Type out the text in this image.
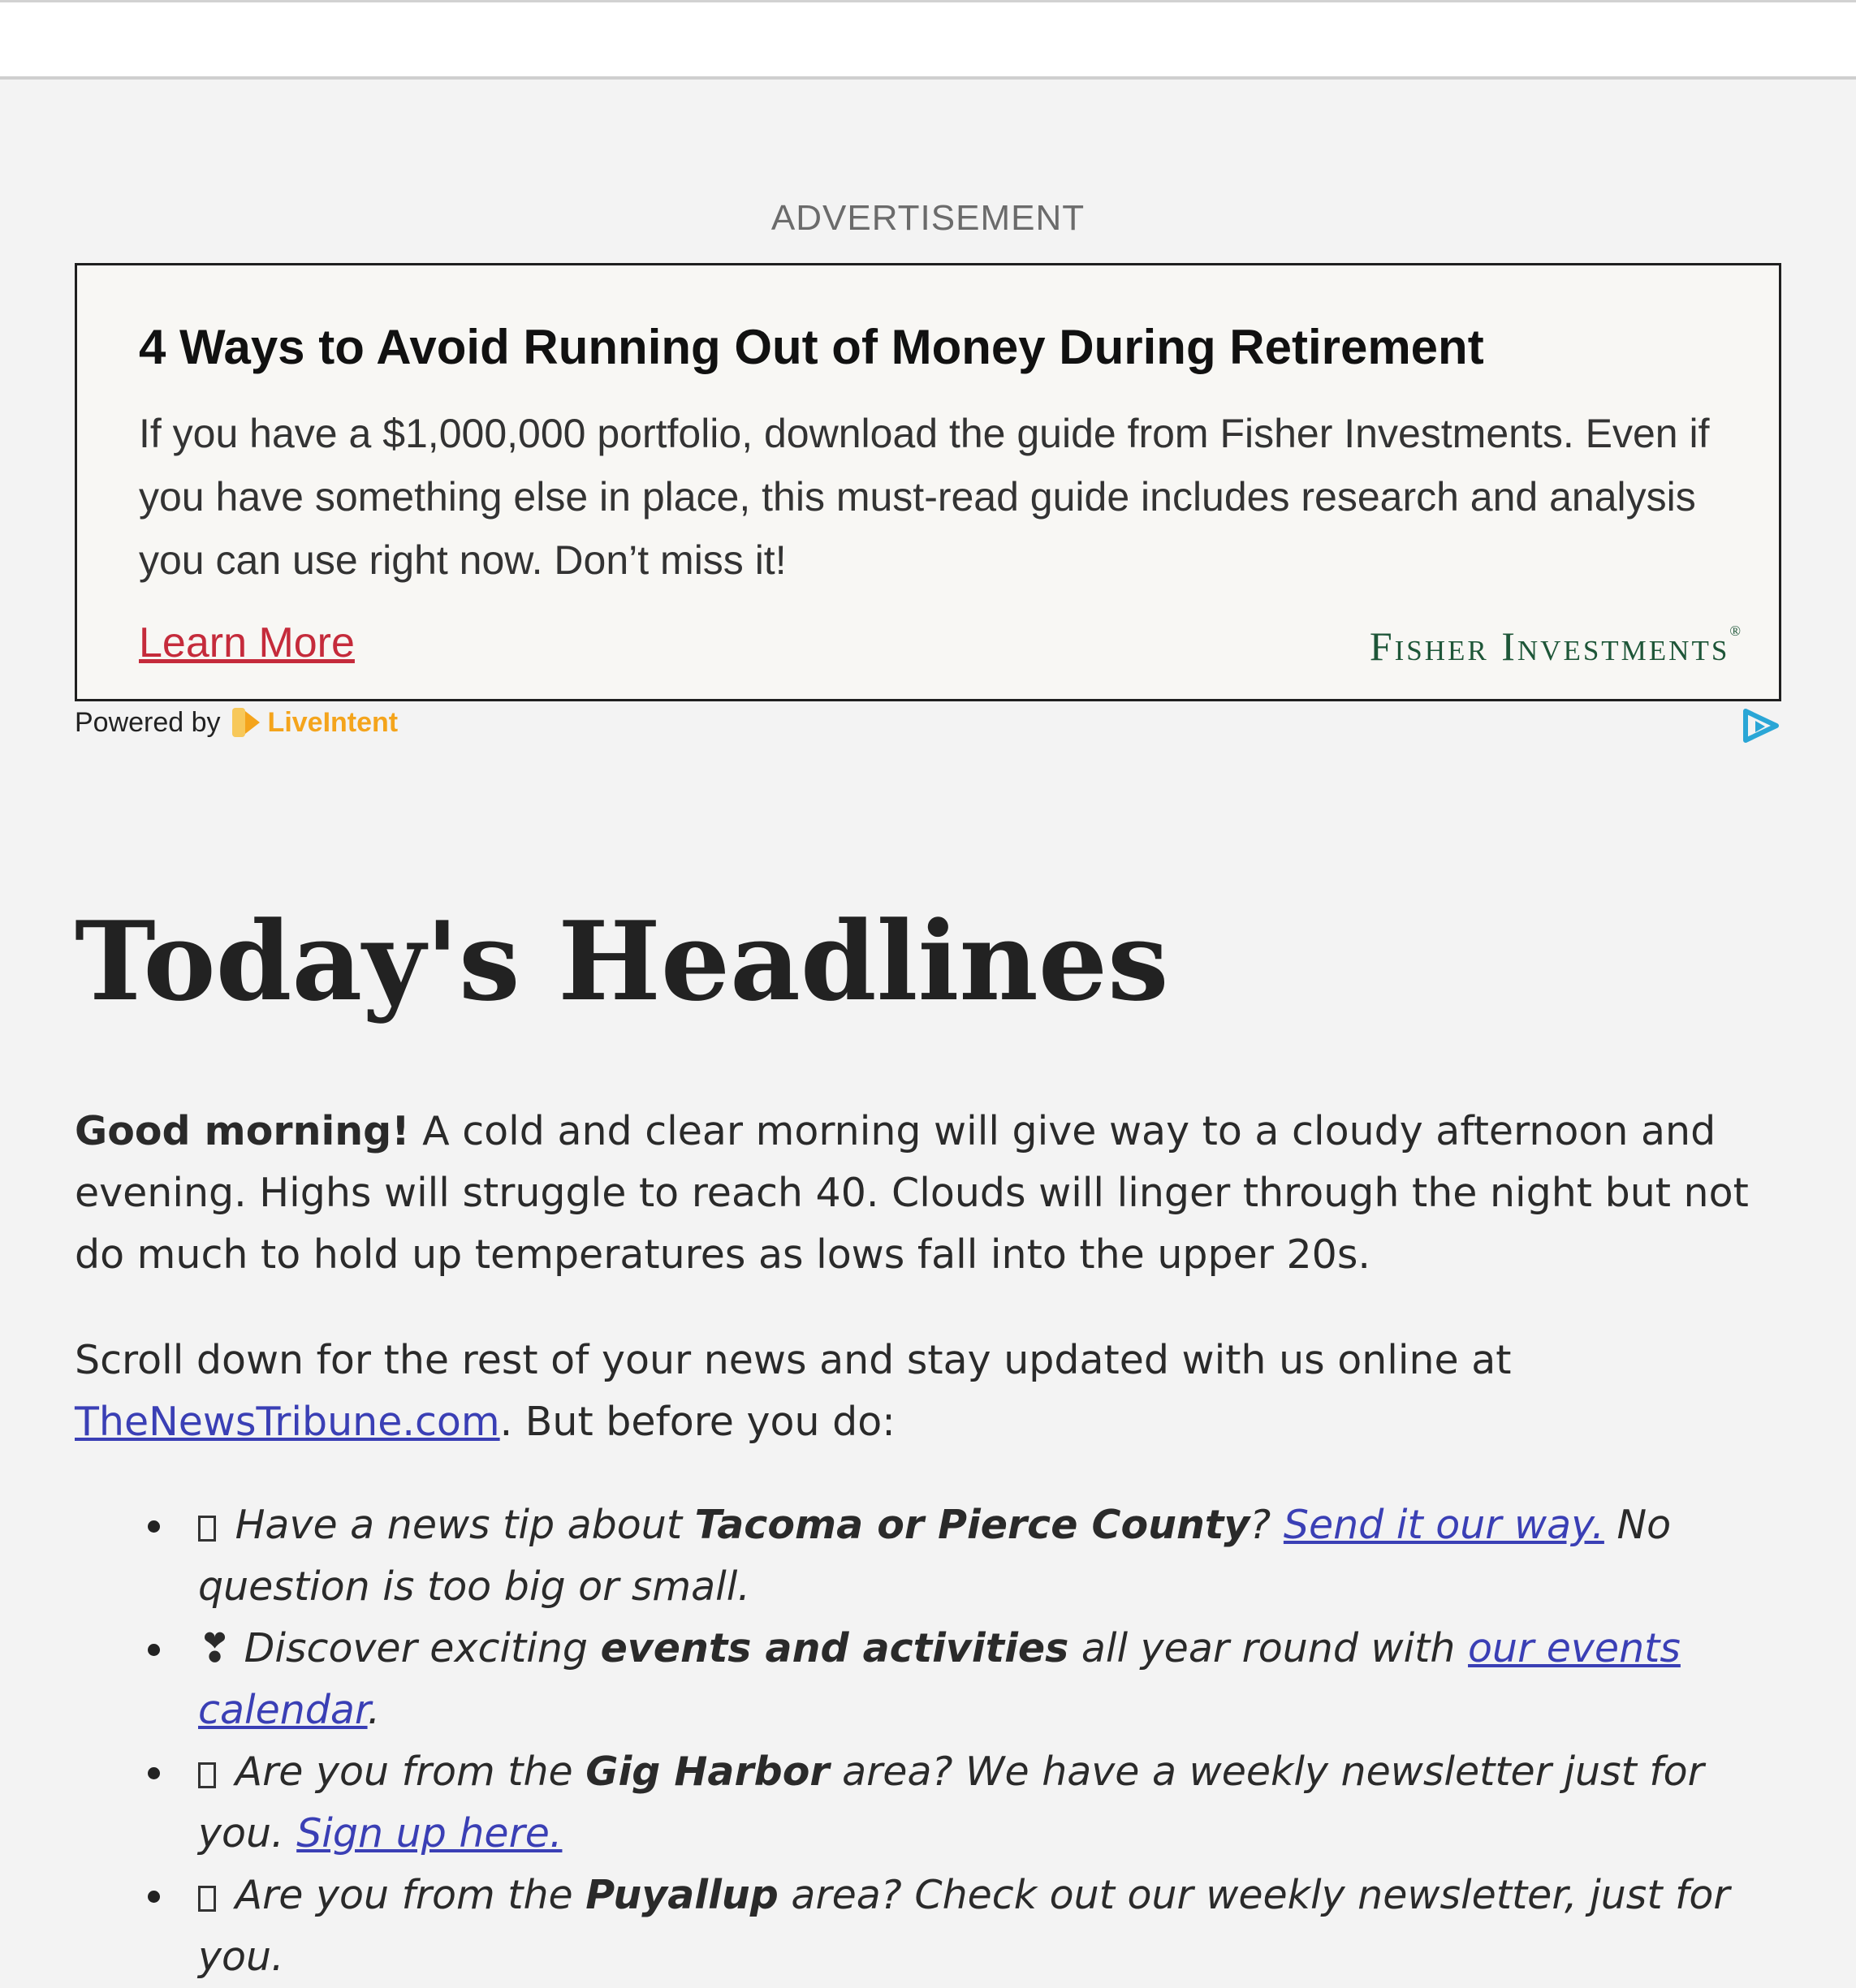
ADVERTISEMENT
4 Ways to Avoid Running Out of Money During Retirement
If you have a $1,000,000 portfolio, download the guide from Fisher Investments. Even if you have something else in place, this must-read guide includes research and analysis you can use right now. Don’t miss it!
Learn More	Fisher Investments®
Powered by LiveIntent
Today's Headlines

Good morning! A cold and clear morning will give way to a cloudy afternoon and evening. Highs will struggle to reach 40. Clouds will linger through the night but not do much to hold up temperatures as lows fall into the upper 20s.

Scroll down for the rest of your news and stay updated with us online at TheNewsTribune.com. But before you do:

Have a news tip about Tacoma or Pierce County? Send it our way. No question is too big or small.
❣ Discover exciting events and activities all year round with our events calendar.
Are you from the Gig Harbor area? We have a weekly newsletter just for you. Sign up here.
Are you from the Puyallup area? Check out our weekly newsletter, just for you.
